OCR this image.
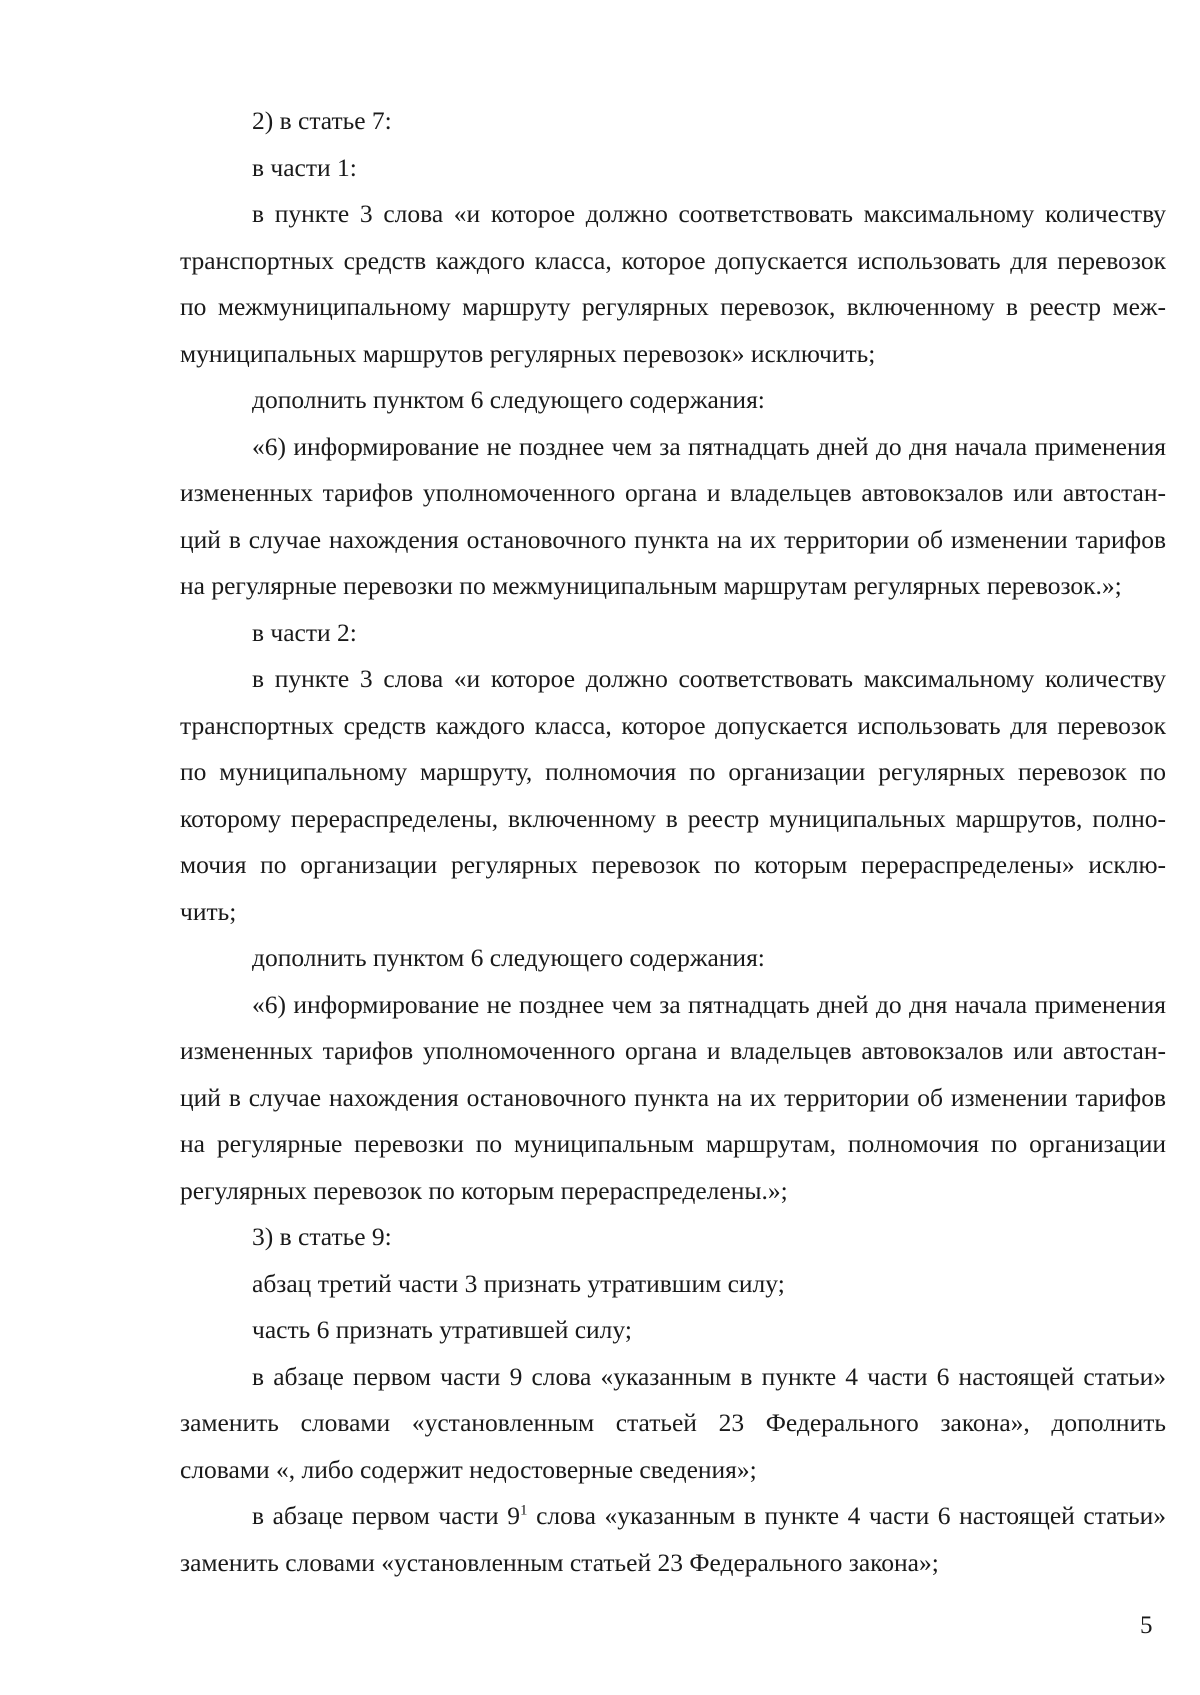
2) в статье 7:
в части 1:
в пункте 3 слова «и которое должно соответствовать максимальному количеству
транспортных средств каждого класса, которое допускается использовать для перевозок
по межмуниципальному маршруту регулярных перевозок, включенному в реестр меж-
муниципальных маршрутов регулярных перевозок» исключить;
дополнить пунктом 6 следующего содержания:
«6) информирование не позднее чем за пятнадцать дней до дня начала применения
измененных тарифов уполномоченного органа и владельцев автовокзалов или автостан-
ций в случае нахождения остановочного пункта на их территории об изменении тарифов
на регулярные перевозки по межмуниципальным маршрутам регулярных перевозок.»;
в части 2:
в пункте 3 слова «и которое должно соответствовать максимальному количеству
транспортных средств каждого класса, которое допускается использовать для перевозок
по муниципальному маршруту, полномочия по организации регулярных перевозок по
которому перераспределены, включенному в реестр муниципальных маршрутов, полно-
мочия по организации регулярных перевозок по которым перераспределены» исклю-
чить;
дополнить пунктом 6 следующего содержания:
«6) информирование не позднее чем за пятнадцать дней до дня начала применения
измененных тарифов уполномоченного органа и владельцев автовокзалов или автостан-
ций в случае нахождения остановочного пункта на их территории об изменении тарифов
на регулярные перевозки по муниципальным маршрутам, полномочия по организации
регулярных перевозок по которым перераспределены.»;
3) в статье 9:
абзац третий части 3 признать утратившим силу;
часть 6 признать утратившей силу;
в абзаце первом части 9 слова «указанным в пункте 4 части 6 настоящей статьи»
заменить словами «установленным статьей 23 Федерального закона», дополнить
словами «, либо содержит недостоверные сведения»;
в абзаце первом части $9^1$ слова «указанным в пункте 4 части 6 настоящей статьи»
заменить словами «установленным статьей 23 Федерального закона»;
5
